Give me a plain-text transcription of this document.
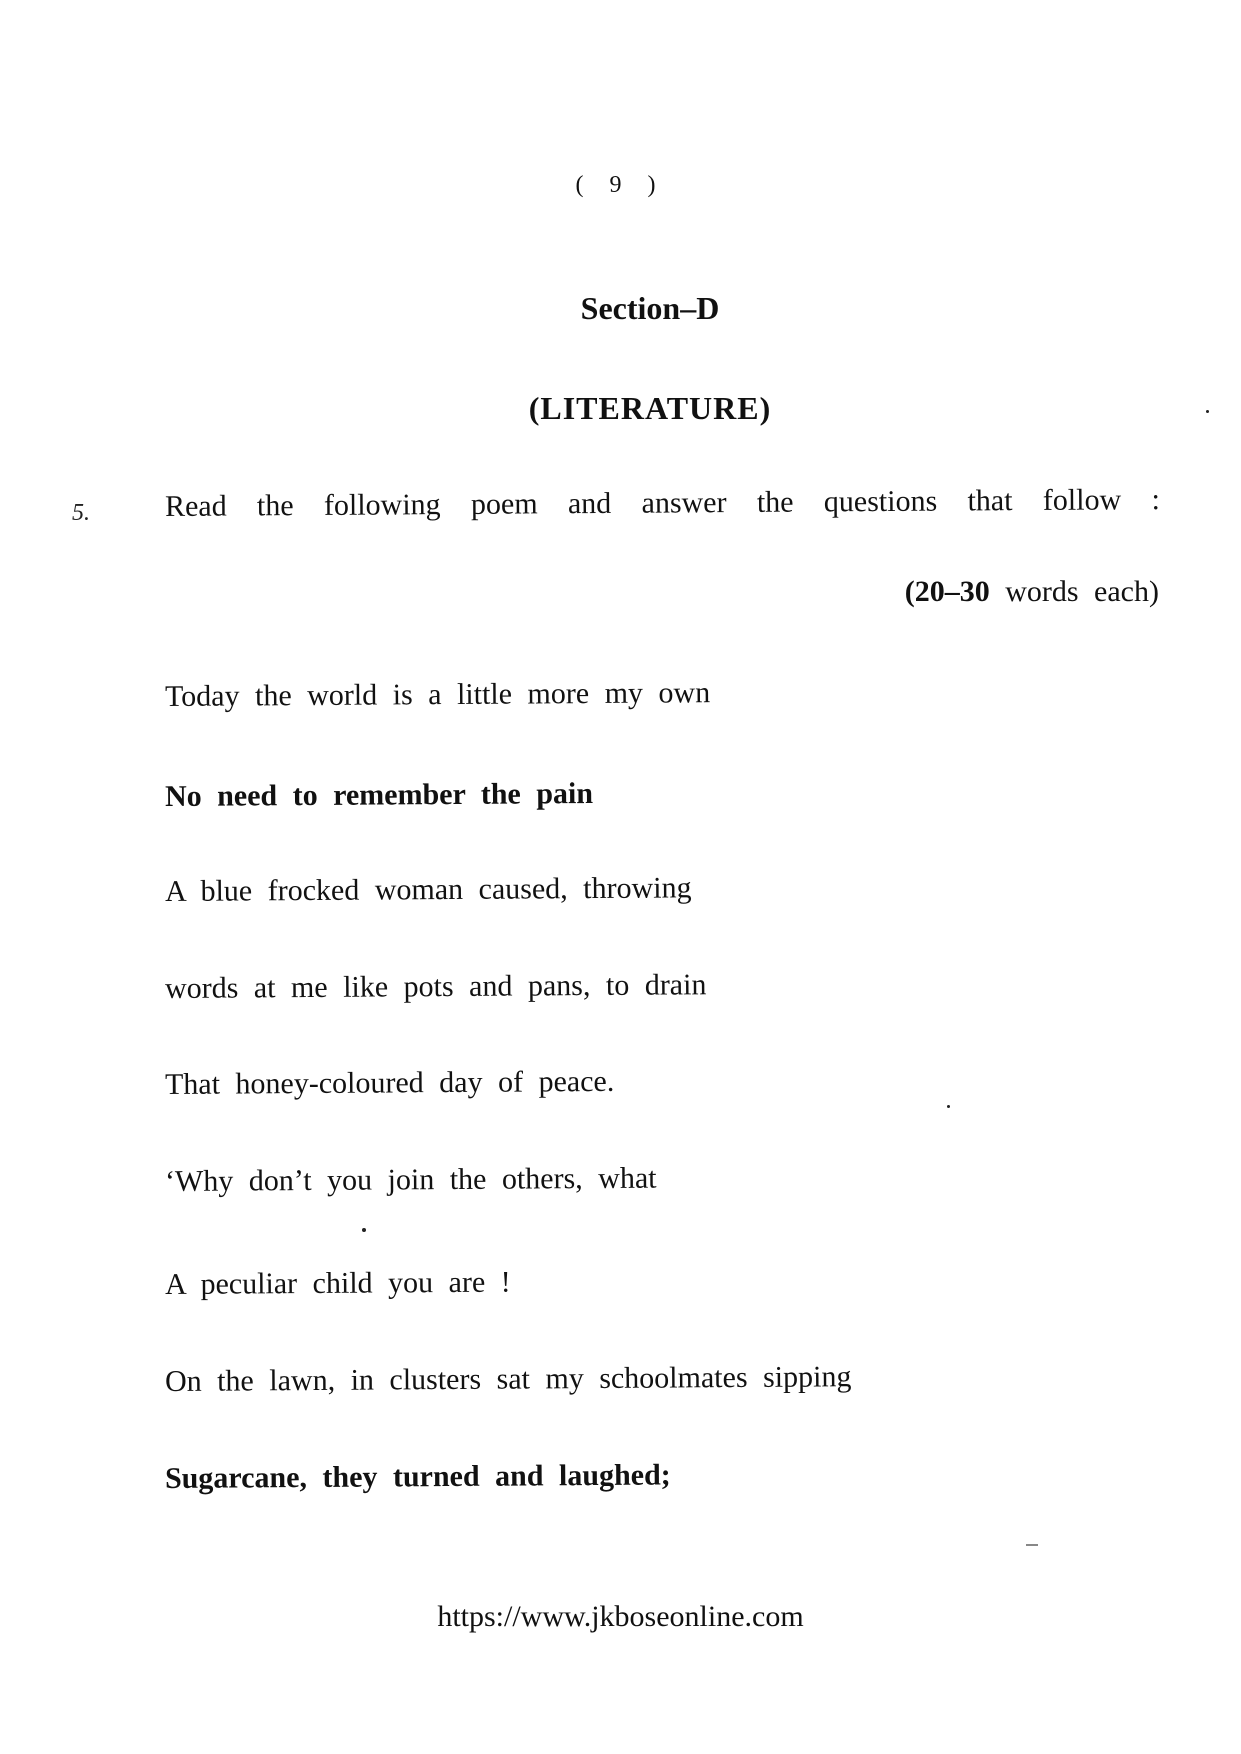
( 9 )
Section–D
(LITERATURE)
5. Read the following poem and answer the questions that follow :
(20–30 words each)
Today the world is a little more my own
No need to remember the pain
A blue frocked woman caused, throwing
words at me like pots and pans, to drain
That honey-coloured day of peace.
‘Why don’t you join the others, what
A peculiar child you are !
On the lawn, in clusters sat my schoolmates sipping
Sugarcane, they turned and laughed;
https://www.jkboseonline.com
